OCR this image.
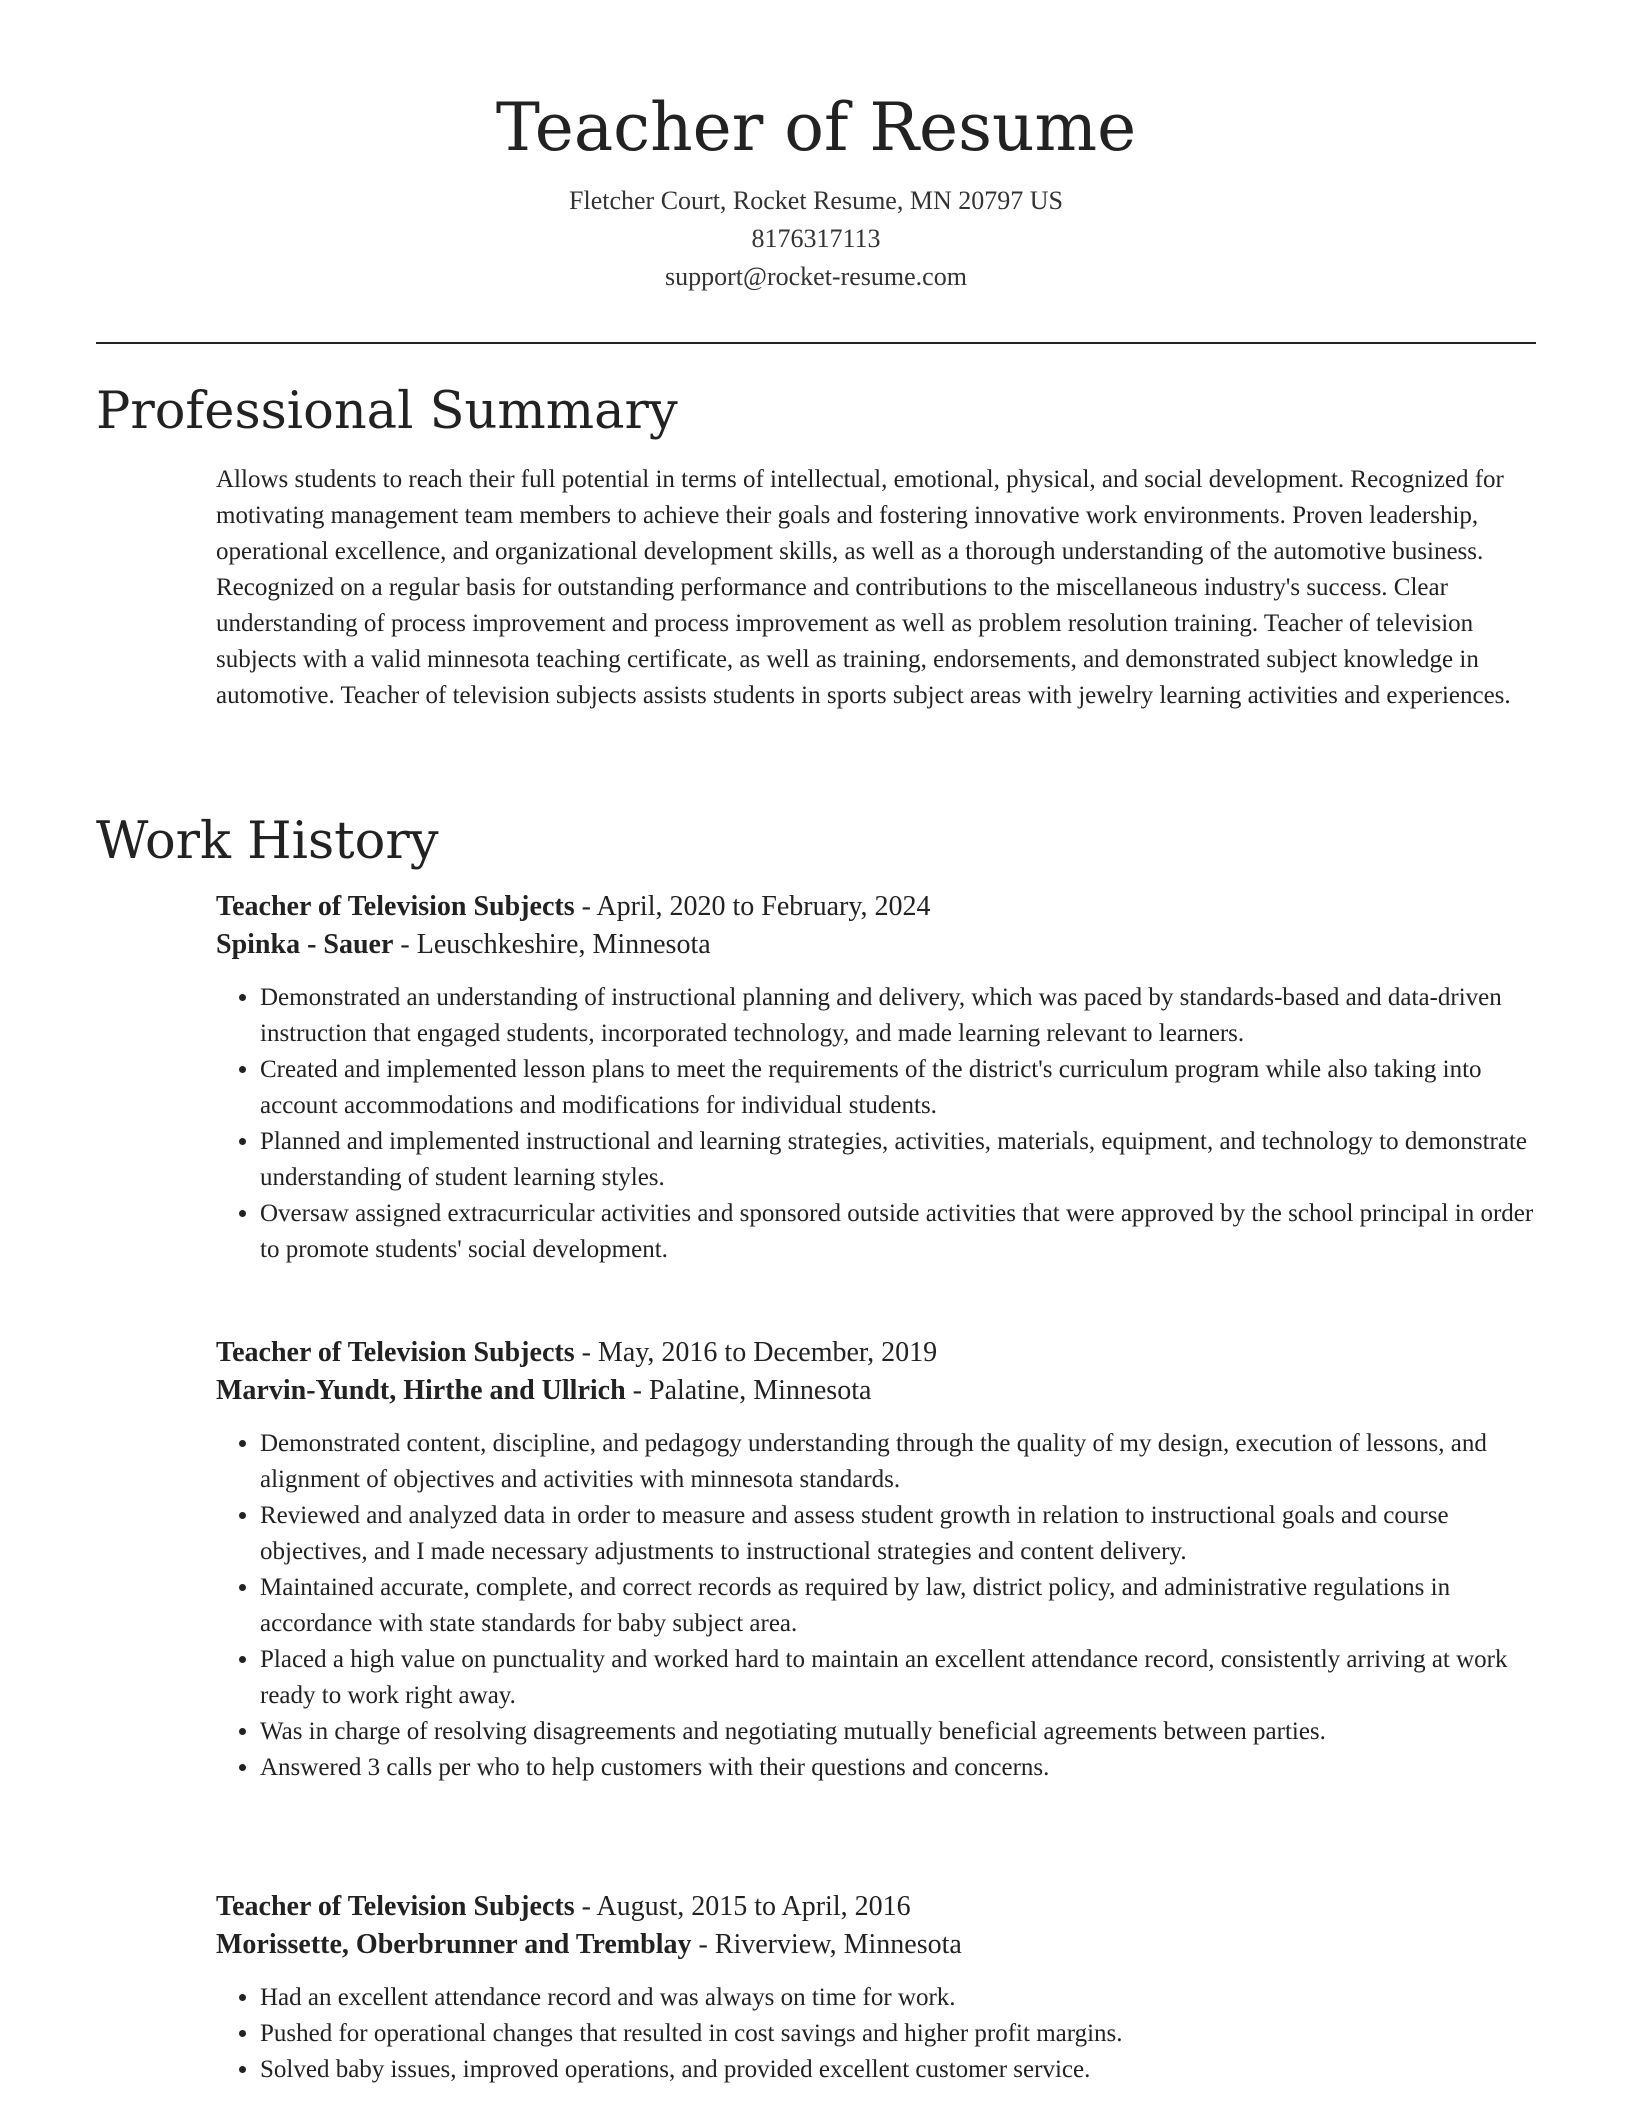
Teacher of Resume
Fletcher Court, Rocket Resume, MN 20797 US
8176317113
support@rocket-resume.com
Professional Summary

Allows students to reach their full potential in terms of intellectual, emotional, physical, and social development. Recognized for motivating management team members to achieve their goals and fostering innovative work environments. Proven leadership, operational excellence, and organizational development skills, as well as a thorough understanding of the automotive business. Recognized on a regular basis for outstanding performance and contributions to the miscellaneous industry's success. Clear understanding of process improvement and process improvement as well as problem resolution training. Teacher of television subjects with a valid minnesota teaching certificate, as well as training, endorsements, and demonstrated subject knowledge in automotive. Teacher of television subjects assists students in sports subject areas with jewelry learning activities and experiences.

Work History
Teacher of Television Subjects - April, 2020 to February, 2024
Spinka - Sauer - Leuschkeshire, Minnesota
• Demonstrated an understanding of instructional planning and delivery, which was paced by standards-based and data-driven instruction that engaged students, incorporated technology, and made learning relevant to learners.
• Created and implemented lesson plans to meet the requirements of the district's curriculum program while also taking into account accommodations and modifications for individual students.
• Planned and implemented instructional and learning strategies, activities, materials, equipment, and technology to demonstrate understanding of student learning styles.
• Oversaw assigned extracurricular activities and sponsored outside activities that were approved by the school principal in order to promote students' social development.
Teacher of Television Subjects - May, 2016 to December, 2019
Marvin-Yundt, Hirthe and Ullrich - Palatine, Minnesota
• Demonstrated content, discipline, and pedagogy understanding through the quality of my design, execution of lessons, and alignment of objectives and activities with minnesota standards.
• Reviewed and analyzed data in order to measure and assess student growth in relation to instructional goals and course objectives, and I made necessary adjustments to instructional strategies and content delivery.
• Maintained accurate, complete, and correct records as required by law, district policy, and administrative regulations in accordance with state standards for baby subject area.
• Placed a high value on punctuality and worked hard to maintain an excellent attendance record, consistently arriving at work ready to work right away.
• Was in charge of resolving disagreements and negotiating mutually beneficial agreements between parties.
• Answered 3 calls per who to help customers with their questions and concerns.
Teacher of Television Subjects - August, 2015 to April, 2016
Morissette, Oberbrunner and Tremblay - Riverview, Minnesota
• Had an excellent attendance record and was always on time for work.
• Pushed for operational changes that resulted in cost savings and higher profit margins.
• Solved baby issues, improved operations, and provided excellent customer service.
